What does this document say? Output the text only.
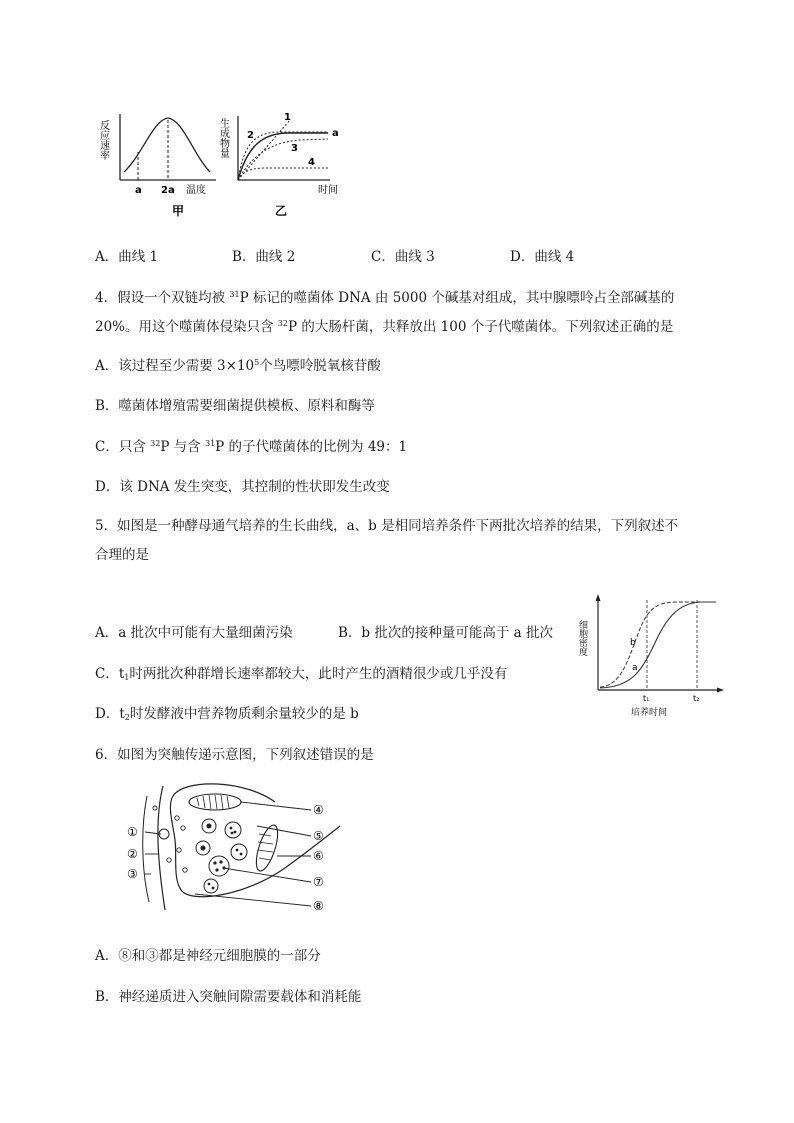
反应速率
a 2a 温度
甲
生成物量
1
2
3
4
a
时间
乙
A．曲线 1	B．曲线 2	C．曲线 3	D．曲线 4
4．假设一个双链均被 $^{31}$P 标记的噬菌体 DNA 由 5000 个碱基对组成，其中腺嘌呤占全部碱基的
20%。用这个噬菌体侵染只含 $^{32}$P 的大肠杆菌，共释放出 100 个子代噬菌体。下列叙述正确的是
A．该过程至少需要 $3\times 10^5$个鸟嘌呤脱氧核苷酸
B．噬菌体增殖需要细菌提供模板、原料和酶等
C．只含 $^{32}$P 与含 $^{31}$P 的子代噬菌体的比例为 49：1
D．该 DNA 发生突变，其控制的性状即发生改变
5．如图是一种酵母通气培养的生长曲线，a、b 是相同培养条件下两批次培养的结果，下列叙述不
合理的是
A．a 批次中可能有大量细菌污染	B．b 批次的接种量可能高于 a 批次
C．$t_1$时两批次种群增长速率都较大，此时产生的酒精很少或几乎没有
D．$t_2$时发酵液中营养物质剩余量较少的是 b
细胞密度
a
b
t₁	t₂
培养时间
6．如图为突触传递示意图，下列叙述错误的是
①
②
③
④
⑤
⑥
⑦
⑧
A．⑧和③都是神经元细胞膜的一部分
B．神经递质进入突触间隙需要载体和消耗能
